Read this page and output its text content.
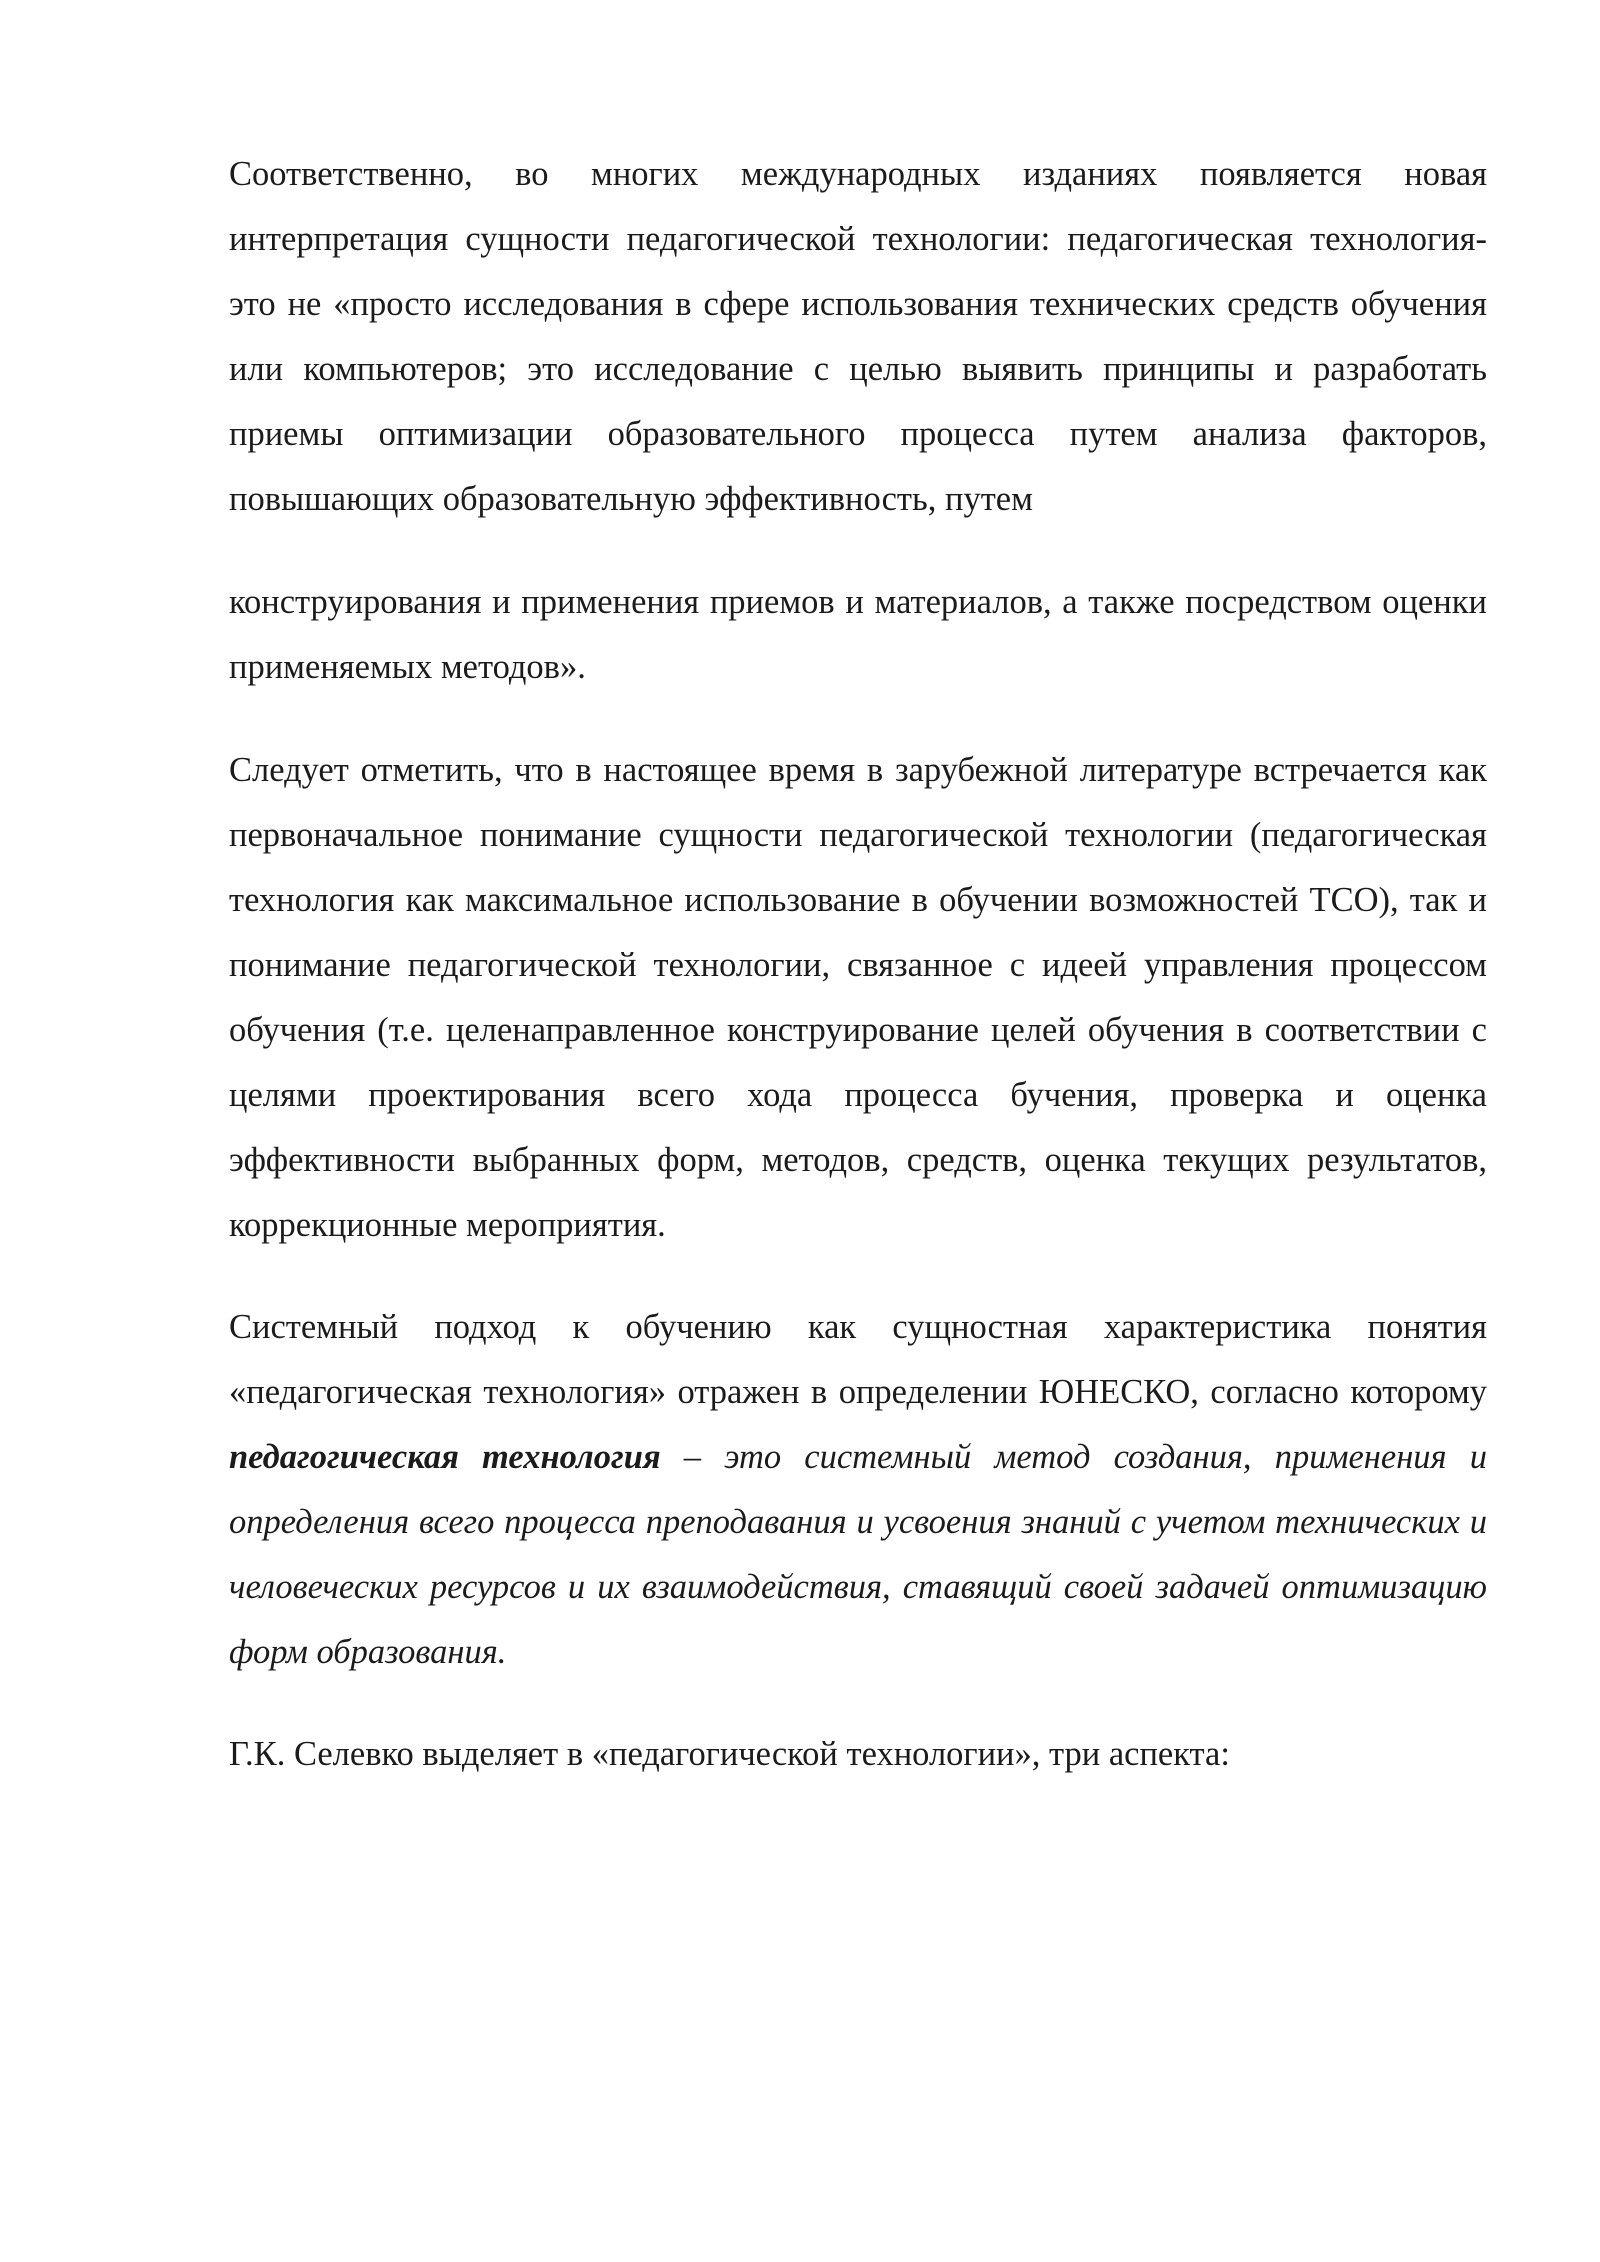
Соответственно, во многих международных изданиях появляется новая интерпретация сущности педагогической технологии: педагогическая технология-это не «просто исследования в сфере использования технических средств обучения или компьютеров; это исследование с целью выявить принципы и разработать приемы оптимизации образовательного процесса путем анализа факторов, повышающих образовательную эффективность, путем

конструирования и применения приемов и материалов, а также посредством оценки применяемых методов».

Следует отметить, что в настоящее время в зарубежной литературе встречается как первоначальное понимание сущности педагогической технологии (педагогическая технология как максимальное использование в обучении возможностей ТСО), так и понимание педагогической технологии, связанное с идеей управления процессом обучения (т.е. целенаправленное конструирование целей обучения в соответствии с целями проектирования всего хода процесса бучения, проверка и оценка эффективности выбранных форм, методов, средств, оценка текущих результатов, коррекционные мероприятия.

Системный подход к обучению как сущностная характеристика понятия «педагогическая технология» отражен в определении ЮНЕСКО, согласно которому педагогическая технология – это системный метод создания, применения и определения всего процесса преподавания и усвоения знаний с учетом технических и человеческих ресурсов и их взаимодействия, ставящий своей задачей оптимизацию форм образования.

Г.К. Селевко выделяет в «педагогической технологии», три аспекта:
